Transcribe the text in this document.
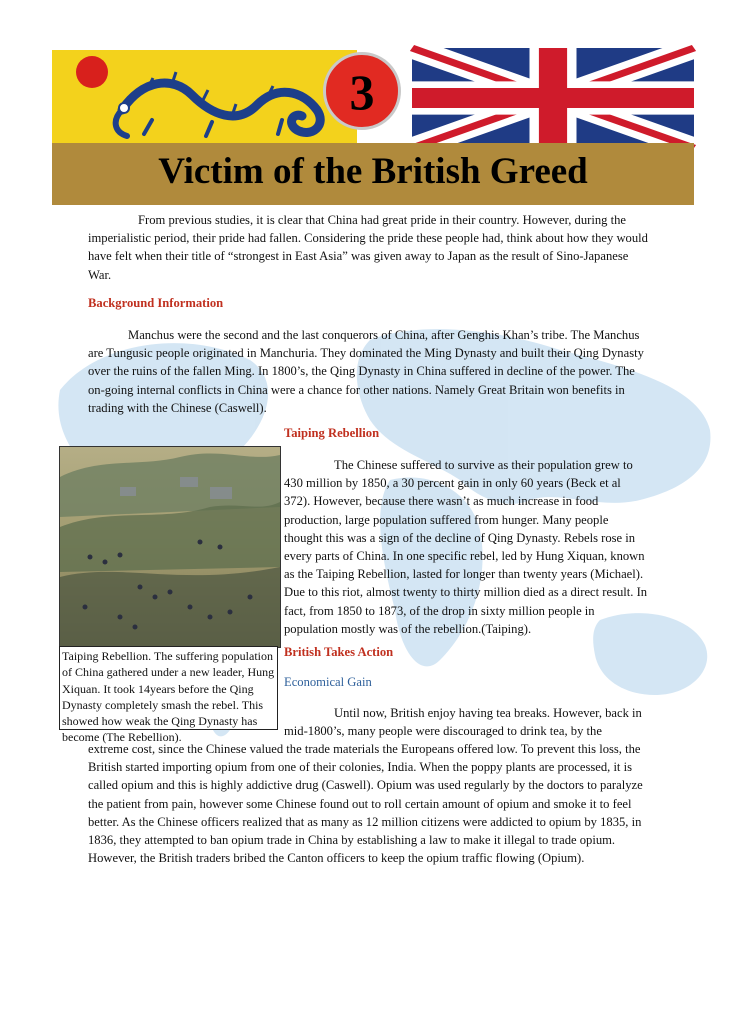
Victim of the British Greed
3

From previous studies, it is clear that China had great pride in their country. However, during the imperialistic period, their pride had fallen. Considering the pride these people had, think about how they would have felt when their title of “strongest in East Asia” was given away to Japan as the result of Sino-Japanese War.

Background Information

Manchus were the second and the last conquerors of China, after Genghis Khan’s tribe. The Manchus are Tungusic people originated in Manchuria. They dominated the Ming Dynasty and built their Qing Dynasty over the ruins of the fallen Ming. In 1800’s, the Qing Dynasty in China suffered in decline of the power. The on-going internal conflicts in China were a chance for other nations. Namely Great Britain won benefits in trading with the Chinese (Caswell).

Taiping Rebellion. The suffering population of China gathered under a new leader, Hung Xiquan. It took 14years before the Qing Dynasty completely smash the rebel. This showed how weak the Qing Dynasty has become (The Rebellion).

Taiping Rebellion

The Chinese suffered to survive as their population grew to 430 million by 1850, a 30 percent gain in only 60 years (Beck et al 372). However, because there wasn’t as much increase in food production, large population suffered from hunger. Many people thought this was a sign of the decline of Qing Dynasty. Rebels rose in every parts of China. In one specific rebel, led by Hung Xiquan, known as the Taiping Rebellion, lasted for longer than twenty years (Michael). Due to this riot, almost twenty to thirty million died as a direct result. In fact, from 1850 to 1873, of the drop in sixty million people in population mostly was of the rebellion.(Taiping).

British Takes Action

Economical Gain

Until now, British enjoy having tea breaks. However, back in mid-1800’s, many people were discouraged to drink tea, by the

extreme cost, since the Chinese valued the trade materials the Europeans offered low. To prevent this loss, the British started importing opium from one of their colonies, India. When the poppy plants are processed, it is called opium and this is highly addictive drug (Caswell). Opium was used regularly by the doctors to paralyze the patient from pain, however some Chinese found out to roll certain amount of opium and smoke it to feel better. As the Chinese officers realized that as many as 12 million citizens were addicted to opium by 1835, in 1836, they attempted to ban opium trade in China by establishing a law to make it illegal to trade opium. However, the British traders bribed the Canton officers to keep the opium traffic flowing (Opium).
